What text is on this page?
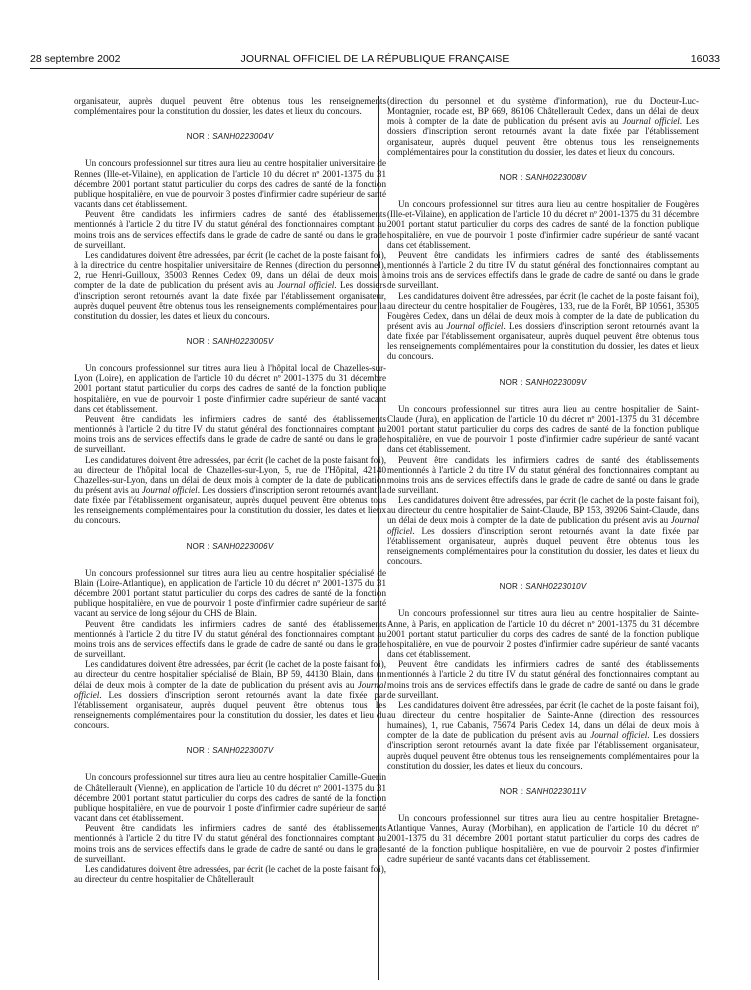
28 septembre 2002	JOURNAL OFFICIEL DE LA RÉPUBLIQUE FRANÇAISE	16033

organisateur, auprès duquel peuvent être obtenus tous les renseignements complémentaires pour la constitution du dossier, les dates et lieux du concours.

NOR : SANH0223004V

Un concours professionnel sur titres aura lieu au centre hospitalier universitaire de Rennes (Ille-et-Vilaine), en application de l'article 10 du décret nº 2001-1375 du 31 décembre 2001 portant statut particulier du corps des cadres de santé de la fonction publique hospitalière, en vue de pourvoir 3 postes d'infirmier cadre supérieur de santé vacants dans cet établissement.

Peuvent être candidats les infirmiers cadres de santé des établissements mentionnés à l'article 2 du titre IV du statut général des fonctionnaires comptant au moins trois ans de services effectifs dans le grade de cadre de santé ou dans le grade de surveillant.

Les candidatures doivent être adressées, par écrit (le cachet de la poste faisant foi), à la directrice du centre hospitalier universitaire de Rennes (direction du personnel), 2, rue Henri-Guilloux, 35003 Rennes Cedex 09, dans un délai de deux mois à compter de la date de publication du présent avis au Journal officiel. Les dossiers d'inscription seront retournés avant la date fixée par l'établissement organisateur, auprès duquel peuvent être obtenus tous les renseignements complémentaires pour la constitution du dossier, les dates et lieux du concours.

NOR : SANH0223005V

Un concours professionnel sur titres aura lieu à l'hôpital local de Chazelles-sur-Lyon (Loire), en application de l'article 10 du décret nº 2001-1375 du 31 décembre 2001 portant statut particulier du corps des cadres de santé de la fonction publique hospitalière, en vue de pourvoir 1 poste d'infirmier cadre supérieur de santé vacant dans cet établissement.

Peuvent être candidats les infirmiers cadres de santé des établissements mentionnés à l'article 2 du titre IV du statut général des fonctionnaires comptant au moins trois ans de services effectifs dans le grade de cadre de santé ou dans le grade de surveillant.

Les candidatures doivent être adressées, par écrit (le cachet de la poste faisant foi), au directeur de l'hôpital local de Chazelles-sur-Lyon, 5, rue de l'Hôpital, 42140 Chazelles-sur-Lyon, dans un délai de deux mois à compter de la date de publication du présent avis au Journal officiel. Les dossiers d'inscription seront retournés avant la date fixée par l'établissement organisateur, auprès duquel peuvent être obtenus tous les renseignements complémentaires pour la constitution du dossier, les dates et lieux du concours.

NOR : SANH0223006V

Un concours professionnel sur titres aura lieu au centre hospitalier spécialisé de Blain (Loire-Atlantique), en application de l'article 10 du décret nº 2001-1375 du 31 décembre 2001 portant statut particulier du corps des cadres de santé de la fonction publique hospitalière, en vue de pourvoir 1 poste d'infirmier cadre supérieur de santé vacant au service de long séjour du CHS de Blain.

Peuvent être candidats les infirmiers cadres de santé des établissements mentionnés à l'article 2 du titre IV du statut général des fonctionnaires comptant au moins trois ans de services effectifs dans le grade de cadre de santé ou dans le grade de surveillant.

Les candidatures doivent être adressées, par écrit (le cachet de la poste faisant foi), au directeur du centre hospitalier spécialisé de Blain, BP 59, 44130 Blain, dans un délai de deux mois à compter de la date de publication du présent avis au Journal officiel. Les dossiers d'inscription seront retournés avant la date fixée par l'établissement organisateur, auprès duquel peuvent être obtenus tous les renseignements complémentaires pour la constitution du dossier, les dates et lieu du concours.

NOR : SANH0223007V

Un concours professionnel sur titres aura lieu au centre hospitalier Camille-Guerin de Châtellerault (Vienne), en application de l'article 10 du décret nº 2001-1375 du 31 décembre 2001 portant statut particulier du corps des cadres de santé de la fonction publique hospitalière, en vue de pourvoir 1 poste d'infirmier cadre supérieur de santé vacant dans cet établissement.

Peuvent être candidats les infirmiers cadres de santé des établissements mentionnés à l'article 2 du titre IV du statut général des fonctionnaires comptant au moins trois ans de services effectifs dans le grade de cadre de santé ou dans le grade de surveillant.

Les candidatures doivent être adressées, par écrit (le cachet de la poste faisant foi), au directeur du centre hospitalier de Châtellerault

(direction du personnel et du système d'information), rue du Docteur-Luc-Montagnier, rocade est, BP 669, 86106 Châtellerault Cedex, dans un délai de deux mois à compter de la date de publication du présent avis au Journal officiel. Les dossiers d'inscription seront retournés avant la date fixée par l'établissement organisateur, auprès duquel peuvent être obtenus tous les renseignements complémentaires pour la constitution du dossier, les dates et lieux du concours.

NOR : SANH0223008V

Un concours professionnel sur titres aura lieu au centre hospitalier de Fougères (Ille-et-Vilaine), en application de l'article 10 du décret nº 2001-1375 du 31 décembre 2001 portant statut particulier du corps des cadres de santé de la fonction publique hospitalière, en vue de pourvoir 1 poste d'infirmier cadre supérieur de santé vacant dans cet établissement.

Peuvent être candidats les infirmiers cadres de santé des établissements mentionnés à l'article 2 du titre IV du statut général des fonctionnaires comptant au moins trois ans de services effectifs dans le grade de cadre de santé ou dans le grade de surveillant.

Les candidatures doivent être adressées, par écrit (le cachet de la poste faisant foi), au directeur du centre hospitalier de Fougères, 133, rue de la Forêt, BP 10561, 35305 Fougères Cedex, dans un délai de deux mois à compter de la date de publication du présent avis au Journal officiel. Les dossiers d'inscription seront retournés avant la date fixée par l'établissement organisateur, auprès duquel peuvent être obtenus tous les renseignements complémentaires pour la constitution du dossier, les dates et lieux du concours.

NOR : SANH0223009V

Un concours professionnel sur titres aura lieu au centre hospitalier de Saint-Claude (Jura), en application de l'article 10 du décret nº 2001-1375 du 31 décembre 2001 portant statut particulier du corps des cadres de santé de la fonction publique hospitalière, en vue de pourvoir 1 poste d'infirmier cadre supérieur de santé vacant dans cet établissement.

Peuvent être candidats les infirmiers cadres de santé des établissements mentionnés à l'article 2 du titre IV du statut général des fonctionnaires comptant au moins trois ans de services effectifs dans le grade de cadre de santé ou dans le grade de surveillant.

Les candidatures doivent être adressées, par écrit (le cachet de la poste faisant foi), au directeur du centre hospitalier de Saint-Claude, BP 153, 39206 Saint-Claude, dans un délai de deux mois à compter de la date de publication du présent avis au Journal officiel. Les dossiers d'inscription seront retournés avant la date fixée par l'établissement organisateur, auprès duquel peuvent être obtenus tous les renseignements complémentaires pour la constitution du dossier, les dates et lieux du concours.

NOR : SANH0223010V

Un concours professionnel sur titres aura lieu au centre hospitalier de Sainte-Anne, à Paris, en application de l'article 10 du décret nº 2001-1375 du 31 décembre 2001 portant statut particulier du corps des cadres de santé de la fonction publique hospitalière, en vue de pourvoir 2 postes d'infirmier cadre supérieur de santé vacants dans cet établissement.

Peuvent être candidats les infirmiers cadres de santé des établissements mentionnés à l'article 2 du titre IV du statut général des fonctionnaires comptant au moins trois ans de services effectifs dans le grade de cadre de santé ou dans le grade de surveillant.

Les candidatures doivent être adressées, par écrit (le cachet de la poste faisant foi), au directeur du centre hospitalier de Sainte-Anne (direction des ressources humaines), 1, rue Cabanis, 75674 Paris Cedex 14, dans un délai de deux mois à compter de la date de publication du présent avis au Journal officiel. Les dossiers d'inscription seront retournés avant la date fixée par l'établissement organisateur, auprès duquel peuvent être obtenus tous les renseignements complémentaires pour la constitution du dossier, les dates et lieux du concours.

NOR : SANH0223011V

Un concours professionnel sur titres aura lieu au centre hospitalier Bretagne-Atlantique Vannes, Auray (Morbihan), en application de l'article 10 du décret nº 2001-1375 du 31 décembre 2001 portant statut particulier du corps des cadres de santé de la fonction publique hospitalière, en vue de pourvoir 2 postes d'infirmier cadre supérieur de santé vacants dans cet établissement.
